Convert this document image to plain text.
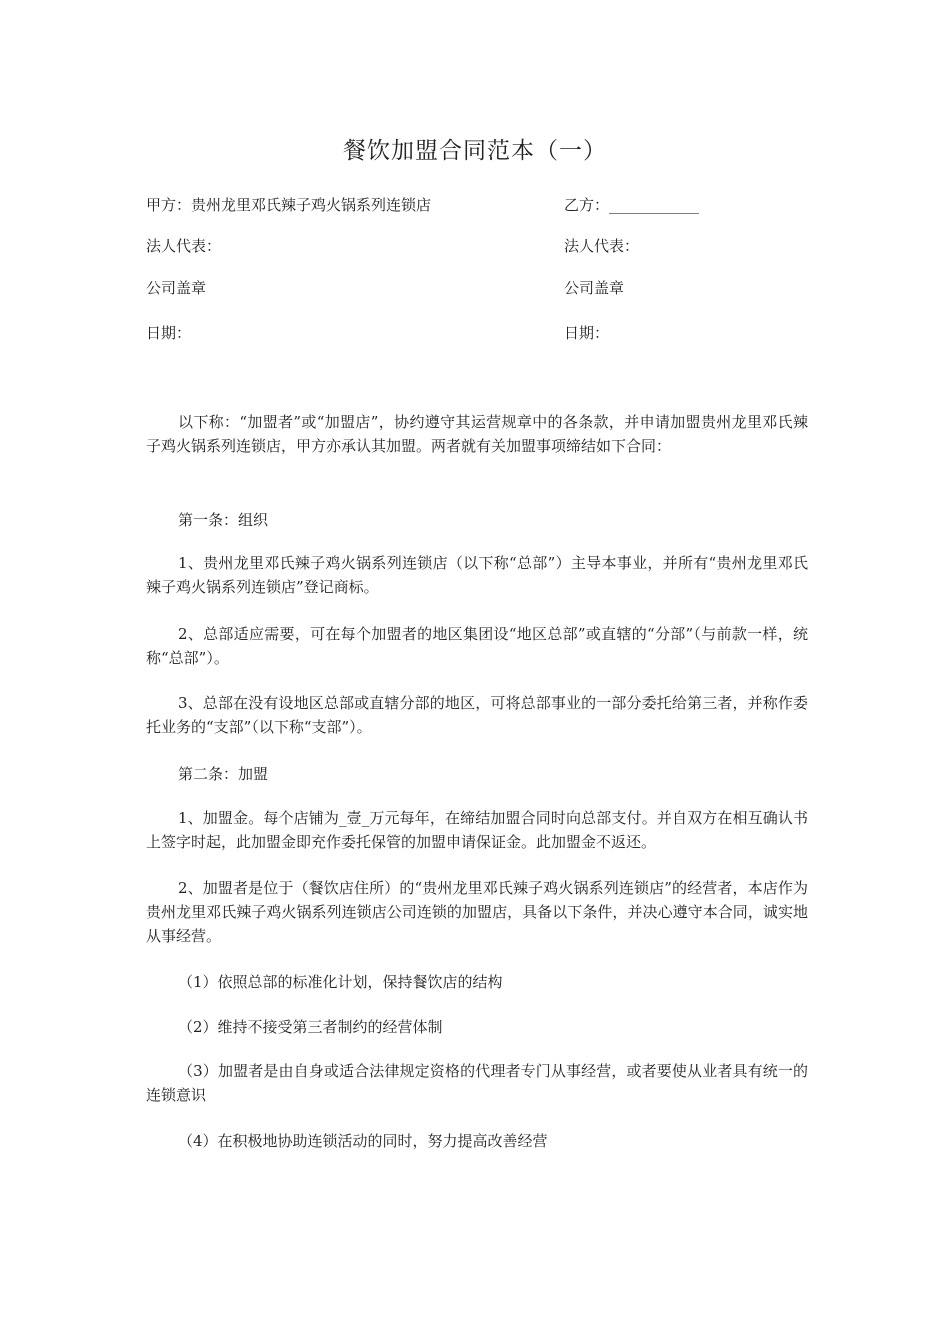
餐饮加盟合同范本（一）
甲方：贵州龙里邓氏辣子鸡火锅系列连锁店
法人代表：
公司盖章
日期：
乙方：____________
法人代表：
公司盖章
日期：

以下称：“加盟者”或“加盟店”，协约遵守其运营规章中的各条款，并申请加盟贵州龙里邓氏辣子鸡火锅系列连锁店，甲方亦承认其加盟。两者就有关加盟事项缔结如下合同：

第一条：组织

1、贵州龙里邓氏辣子鸡火锅系列连锁店（以下称“总部”）主导本事业，并所有“贵州龙里邓氏辣子鸡火锅系列连锁店”登记商标。

2、总部适应需要，可在每个加盟者的地区集团设“地区总部”或直辖的“分部”（与前款一样，统称“总部”）。

3、总部在没有设地区总部或直辖分部的地区，可将总部事业的一部分委托给第三者，并称作委托业务的“支部”（以下称“支部”）。

第二条：加盟

1、加盟金。每个店铺为_壹_万元每年，在缔结加盟合同时向总部支付。并自双方在相互确认书上签字时起，此加盟金即充作委托保管的加盟申请保证金。此加盟金不返还。

2、加盟者是位于（餐饮店住所）的“贵州龙里邓氏辣子鸡火锅系列连锁店”的经营者，本店作为贵州龙里邓氏辣子鸡火锅系列连锁店公司连锁的加盟店，具备以下条件，并决心遵守本合同，诚实地从事经营。

（1）依照总部的标准化计划，保持餐饮店的结构

（2）维持不接受第三者制约的经营体制

（3）加盟者是由自身或适合法律规定资格的代理者专门从事经营，或者要使从业者具有统一的连锁意识

（4）在积极地协助连锁活动的同时，努力提高改善经营
